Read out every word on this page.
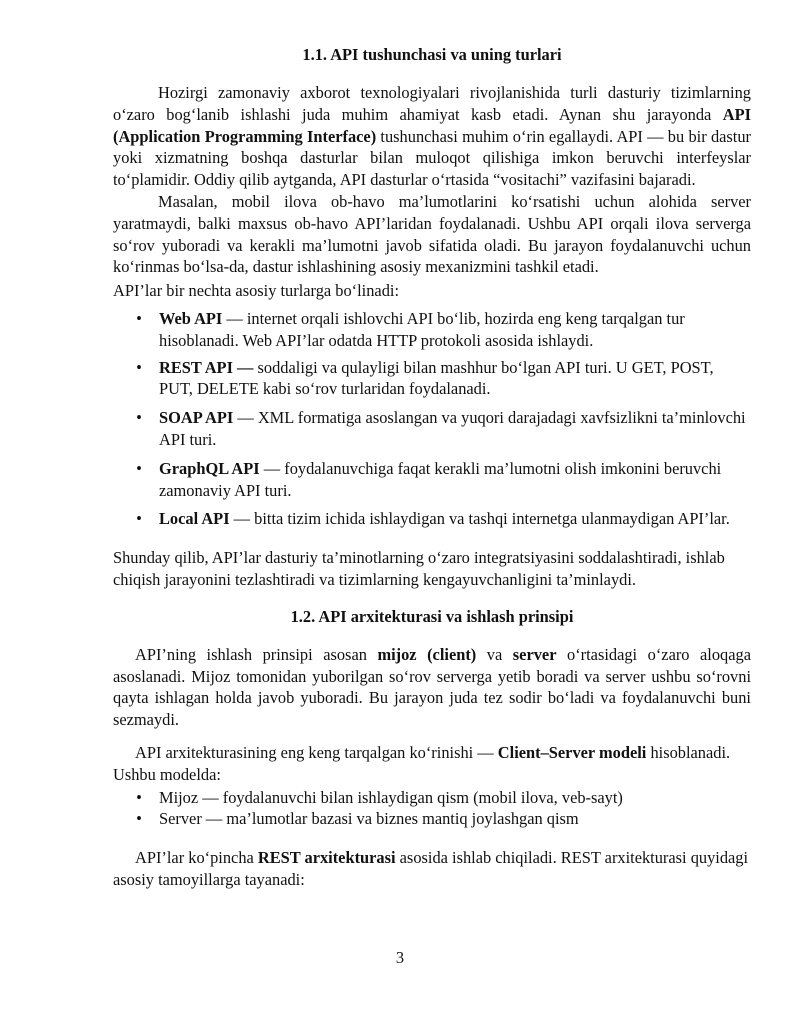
1.1. API tushunchasi va uning turlari

Hozirgi zamonaviy axborot texnologiyalari rivojlanishida turli dasturiy tizimlarning o‘zaro bog‘lanib ishlashi juda muhim ahamiyat kasb etadi. Aynan shu jarayonda API (Application Programming Interface) tushunchasi muhim o‘rin egallaydi. API — bu bir dastur yoki xizmatning boshqa dasturlar bilan muloqot qilishiga imkon beruvchi interfeyslar to‘plamidir. Oddiy qilib aytganda, API dasturlar o‘rtasida “vositachi” vazifasini bajaradi.

Masalan, mobil ilova ob-havo ma’lumotlarini ko‘rsatishi uchun alohida server yaratmaydi, balki maxsus ob-havo API’laridan foydalanadi. Ushbu API orqali ilova serverga so‘rov yuboradi va kerakli ma’lumotni javob sifatida oladi. Bu jarayon foydalanuvchi uchun ko‘rinmas bo‘lsa-da, dastur ishlashining asosiy mexanizmini tashkil etadi.

API’lar bir nechta asosiy turlarga bo‘linadi:

• Web API — internet orqali ishlovchi API bo‘lib, hozirda eng keng tarqalgan tur hisoblanadi. Web API’lar odatda HTTP protokoli asosida ishlaydi.
• REST API — soddaligi va qulayligi bilan mashhur bo‘lgan API turi. U GET, POST, PUT, DELETE kabi so‘rov turlaridan foydalanadi.
• SOAP API — XML formatiga asoslangan va yuqori darajadagi xavfsizlikni ta’minlovchi API turi.
• GraphQL API — foydalanuvchiga faqat kerakli ma’lumotni olish imkonini beruvchi zamonaviy API turi.
• Local API — bitta tizim ichida ishlaydigan va tashqi internetga ulanmaydigan API’lar.

Shunday qilib, API’lar dasturiy ta’minotlarning o‘zaro integratsiyasini soddalashtiradi, ishlab chiqish jarayonini tezlashtiradi va tizimlarning kengayuvchanligini ta’minlaydi.

1.2. API arxitekturasi va ishlash prinsipi

API’ning ishlash prinsipi asosan mijoz (client) va server o‘rtasidagi o‘zaro aloqaga asoslanadi. Mijoz tomonidan yuborilgan so‘rov serverga yetib boradi va server ushbu so‘rovni qayta ishlagan holda javob yuboradi. Bu jarayon juda tez sodir bo‘ladi va foydalanuvchi buni sezmaydi.

API arxitekturasining eng keng tarqalgan ko‘rinishi — Client–Server modeli hisoblanadi. Ushbu modelda:

• Mijoz — foydalanuvchi bilan ishlaydigan qism (mobil ilova, veb-sayt)
• Server — ma’lumotlar bazasi va biznes mantiq joylashgan qism

API’lar ko‘pincha REST arxitekturasi asosida ishlab chiqiladi. REST arxitekturasi quyidagi asosiy tamoyillarga tayanadi:

3
